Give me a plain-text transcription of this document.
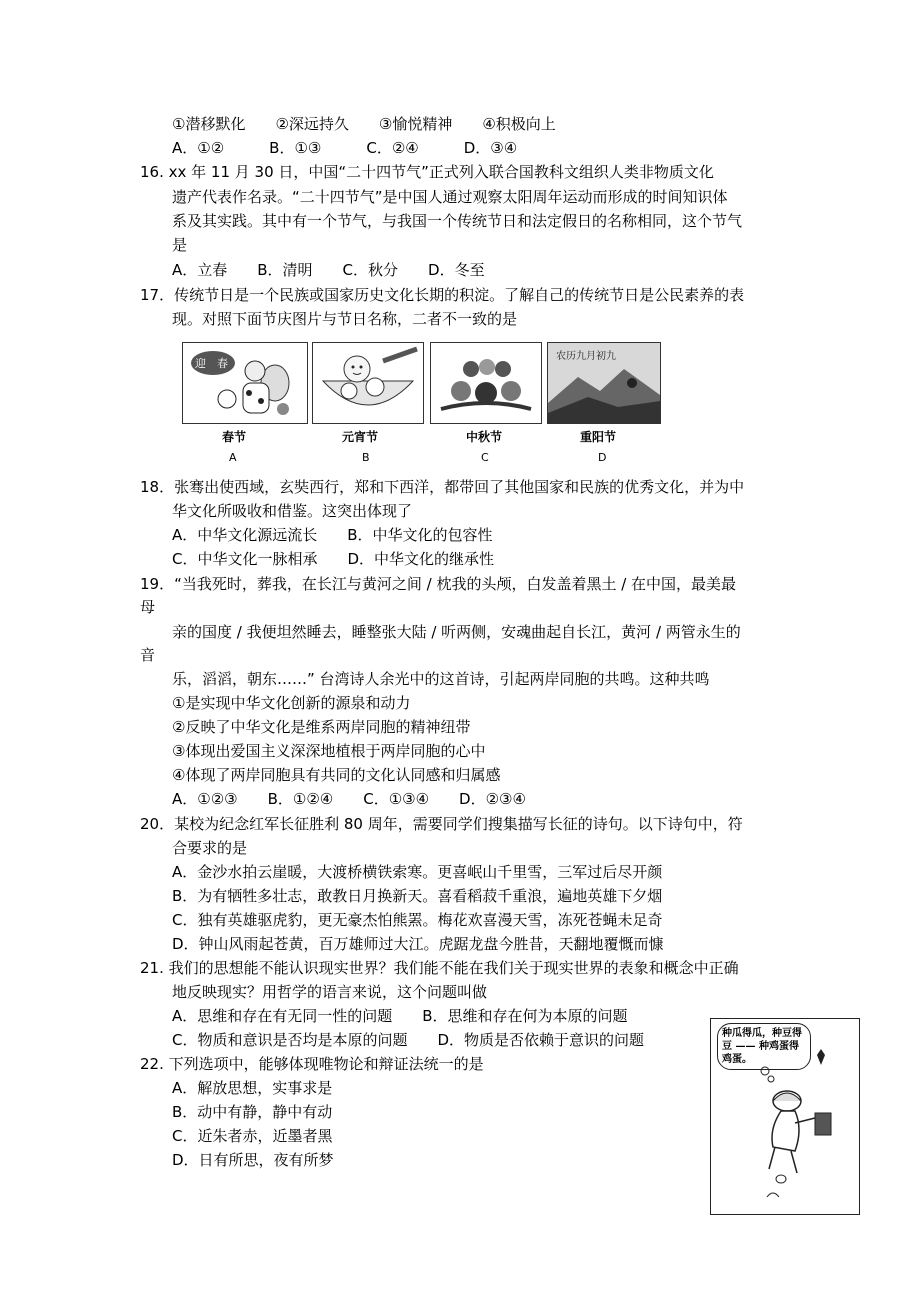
①潜移默化　　②深远持久　　③愉悦精神　　④积极向上
A．①②　　　B．①③　　　C．②④　　　D．③④
16. xx 年 11 月 30 日，中国“二十四节气”正式列入联合国教科文组织人类非物质文化
遗产代表作名录。“二十四节气”是中国人通过观察太阳周年运动而形成的时间知识体
系及其实践。其中有一个节气，与我国一个传统节日和法定假日的名称相同，这个节气
是
A．立春　　B．清明　　C．秋分　　D．冬至
17．传统节日是一个民族或国家历史文化长期的积淀。了解自己的传统节日是公民素养的表
现。对照下面节庆图片与节日名称，二者不一致的是
迎　春
农历九月初九
春节	元宵节	中秋节	重阳节
A	B	C	D
18．张骞出使西域，玄奘西行，郑和下西洋，都带回了其他国家和民族的优秀文化，并为中
华文化所吸收和借鉴。这突出体现了
A．中华文化源远流长　　B．中华文化的包容性
C．中华文化一脉相承　　D．中华文化的继承性
19．“当我死时，葬我，在长江与黄河之间 / 枕我的头颅，白发盖着黑土 / 在中国，最美最
母
亲的国度 / 我便坦然睡去，睡整张大陆 / 听两侧，安魂曲起自长江，黄河 / 两管永生的
音
乐，滔滔，朝东……” 台湾诗人余光中的这首诗，引起两岸同胞的共鸣。这种共鸣
①是实现中华文化创新的源泉和动力
②反映了中华文化是维系两岸同胞的精神纽带
③体现出爱国主义深深地植根于两岸同胞的心中
④体现了两岸同胞具有共同的文化认同感和归属感
A．①②③　　B．①②④　　C．①③④　　D．②③④
20．某校为纪念红军长征胜利 80 周年，需要同学们搜集描写长征的诗句。以下诗句中，符
合要求的是
A．金沙水拍云崖暖，大渡桥横铁索寒。更喜岷山千里雪，三军过后尽开颜
B．为有牺牲多壮志，敢教日月换新天。喜看稻菽千重浪，遍地英雄下夕烟
C．独有英雄驱虎豹，更无豪杰怕熊罴。梅花欢喜漫天雪，冻死苍蝇未足奇
D．钟山风雨起苍黄，百万雄师过大江。虎踞龙盘今胜昔，天翻地覆慨而慷
21. 我们的思想能不能认识现实世界？我们能不能在我们关于现实世界的表象和概念中正确
地反映现实？用哲学的语言来说，这个问题叫做
A．思维和存在有无同一性的问题　　B．思维和存在何为本原的问题
C．物质和意识是否均是本原的问题　　D．物质是否依赖于意识的问题
22. 下列选项中，能够体现唯物论和辩证法统一的是
A．解放思想，实事求是
B．动中有静，静中有动
C．近朱者赤，近墨者黑
D．日有所思，夜有所梦
种瓜得瓜，种豆得豆 —— 种鸡蛋得鸡蛋。
